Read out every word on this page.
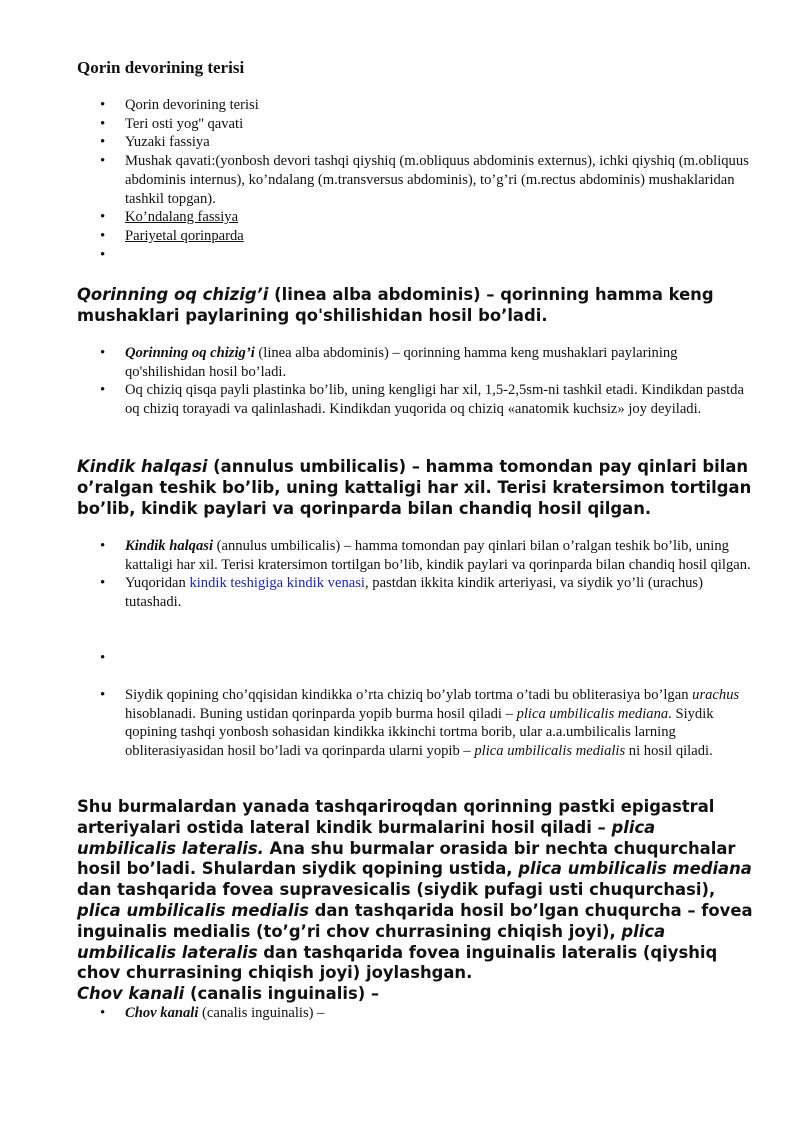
Qorin devorining terisi
• Qorin devorining terisi
• Teri osti yog'' qavati
• Yuzaki fassiya
• Mushak qavati:(yonbosh devori tashqi qiyshiq (m.obliquus abdominis externus), ichki qiyshiq (m.obliquus abdominis internus), ko’ndalang (m.transversus abdominis), to’g’ri (m.rectus abdominis) mushaklaridan tashkil topgan).
• Ko’ndalang fassiya
• Pariyetal qorinparda
•
Qorinning oq chizig’i (linea alba abdominis) – qorinning hamma keng mushaklari paylarining qo'shilishidan hosil bo’ladi.
• Qorinning oq chizig’i (linea alba abdominis) – qorinning hamma keng mushaklari paylarining qo'shilishidan hosil bo’ladi.
• Oq chiziq qisqa payli plastinka bo’lib, uning kengligi har xil, 1,5-2,5sm-ni tashkil etadi. Kindikdan pastda oq chiziq torayadi va qalinlashadi. Kindikdan yuqorida oq chiziq «anatomik kuchsiz» joy deyiladi.
Kindik halqasi (annulus umbilicalis) – hamma tomondan pay qinlari bilan o’ralgan teshik bo’lib, uning kattaligi har xil. Terisi kratersimon tortilgan bo’lib, kindik paylari va qorinparda bilan chandiq hosil qilgan.
• Kindik halqasi (annulus umbilicalis) – hamma tomondan pay qinlari bilan o’ralgan teshik bo’lib, uning kattaligi har xil. Terisi kratersimon tortilgan bo’lib, kindik paylari va qorinparda bilan chandiq hosil qilgan.
• Yuqoridan kindik teshigiga kindik venasi, pastdan ikkita kindik arteriyasi, va siydik yo’li (urachus) tutashadi.
•
• Siydik qopining cho’qqisidan kindikka o’rta chiziq bo’ylab tortma o’tadi bu obliterasiya bo’lgan urachus hisoblanadi. Buning ustidan qorinparda yopib burma hosil qiladi – plica umbilicalis mediana. Siydik qopining tashqi yonbosh sohasidan kindikka ikkinchi tortma borib, ular a.a.umbilicalis larning obliterasiyasidan hosil bo’ladi va qorinparda ularni yopib – plica umbilicalis medialis ni hosil qiladi.

Shu burmalardan yanada tashqariroqdan qorinning pastki epigastral arteriyalari ostida lateral kindik burmalarini hosil qiladi – plica umbilicalis lateralis. Ana shu burmalar orasida bir nechta chuqurchalar hosil bo’ladi. Shulardan siydik qopining ustida, plica umbilicalis mediana dan tashqarida fovea supravesicalis (siydik pufagi usti chuqurchasi), plica umbilicalis medialis dan tashqarida hosil bo’lgan chuqurcha – fovea inguinalis medialis (to’g’ri chov churrasining chiqish joyi), plica umbilicalis lateralis dan tashqarida fovea inguinalis lateralis (qiyshiq chov churrasining chiqish joyi) joylashgan.
Chov kanali (canalis inguinalis) –

• Chov kanali (canalis inguinalis) –
